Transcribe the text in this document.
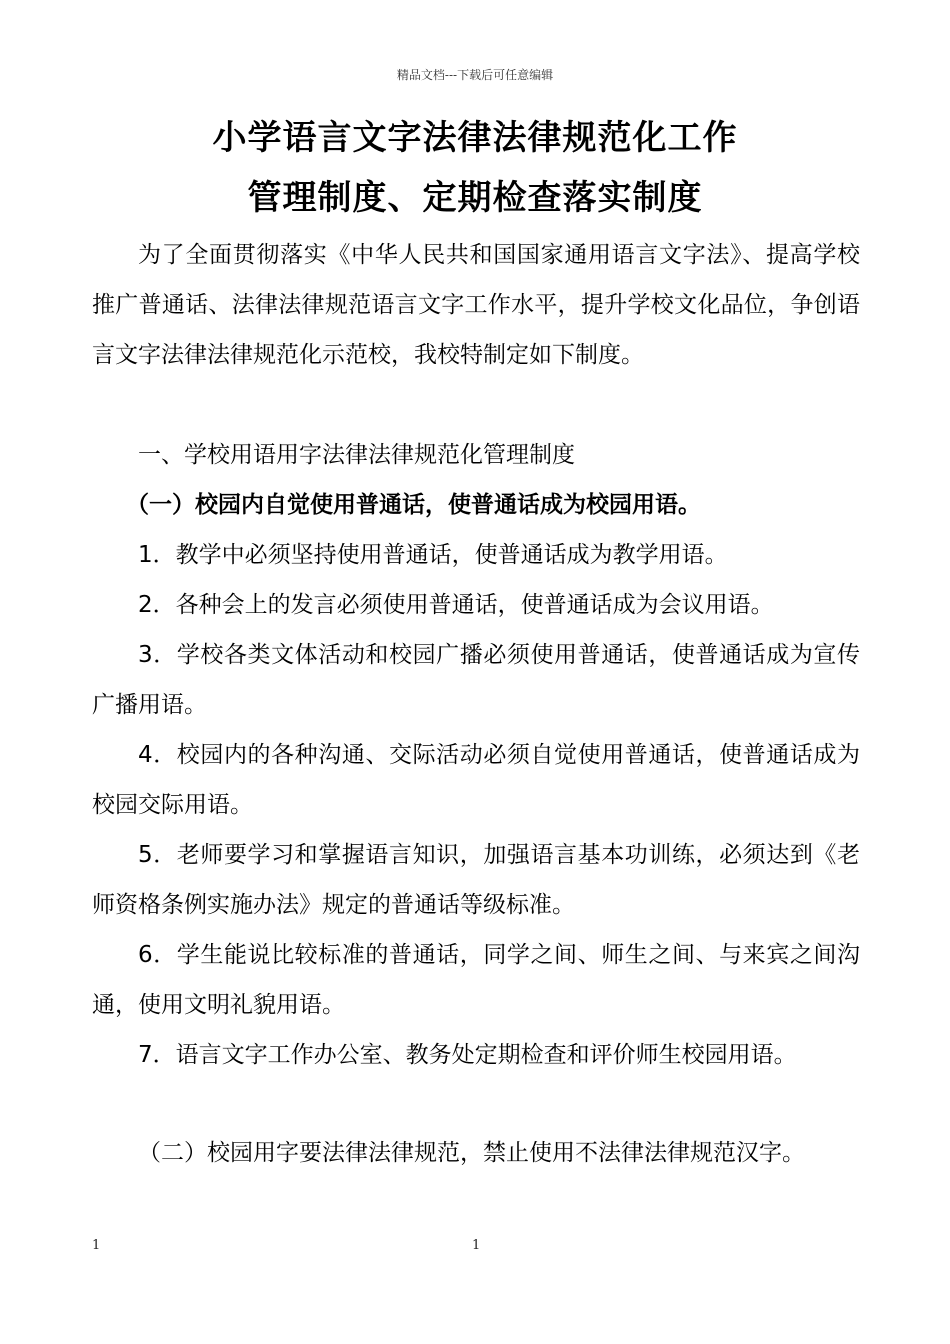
精品文档---下载后可任意编辑
小学语言文字法律法律规范化工作
管理制度、定期检查落实制度
为了全面贯彻落实《中华人民共和国国家通用语言文字法》、提高学校推广普通话、法律法律规范语言文字工作水平，提升学校文化品位，争创语言文字法律法律规范化示范校，我校特制定如下制度。
一、学校用语用字法律法律规范化管理制度
（一）校园内自觉使用普通话，使普通话成为校园用语。
1．教学中必须坚持使用普通话，使普通话成为教学用语。
2．各种会上的发言必须使用普通话，使普通话成为会议用语。
3．学校各类文体活动和校园广播必须使用普通话，使普通话成为宣传广播用语。
4．校园内的各种沟通、交际活动必须自觉使用普通话，使普通话成为校园交际用语。
5．老师要学习和掌握语言知识，加强语言基本功训练，必须达到《老师资格条例实施办法》规定的普通话等级标准。
6．学生能说比较标准的普通话，同学之间、师生之间、与来宾之间沟通，使用文明礼貌用语。
7．语言文字工作办公室、教务处定期检查和评价师生校园用语。
（二）校园用字要法律法律规范，禁止使用不法律法律规范汉字。
1	1
